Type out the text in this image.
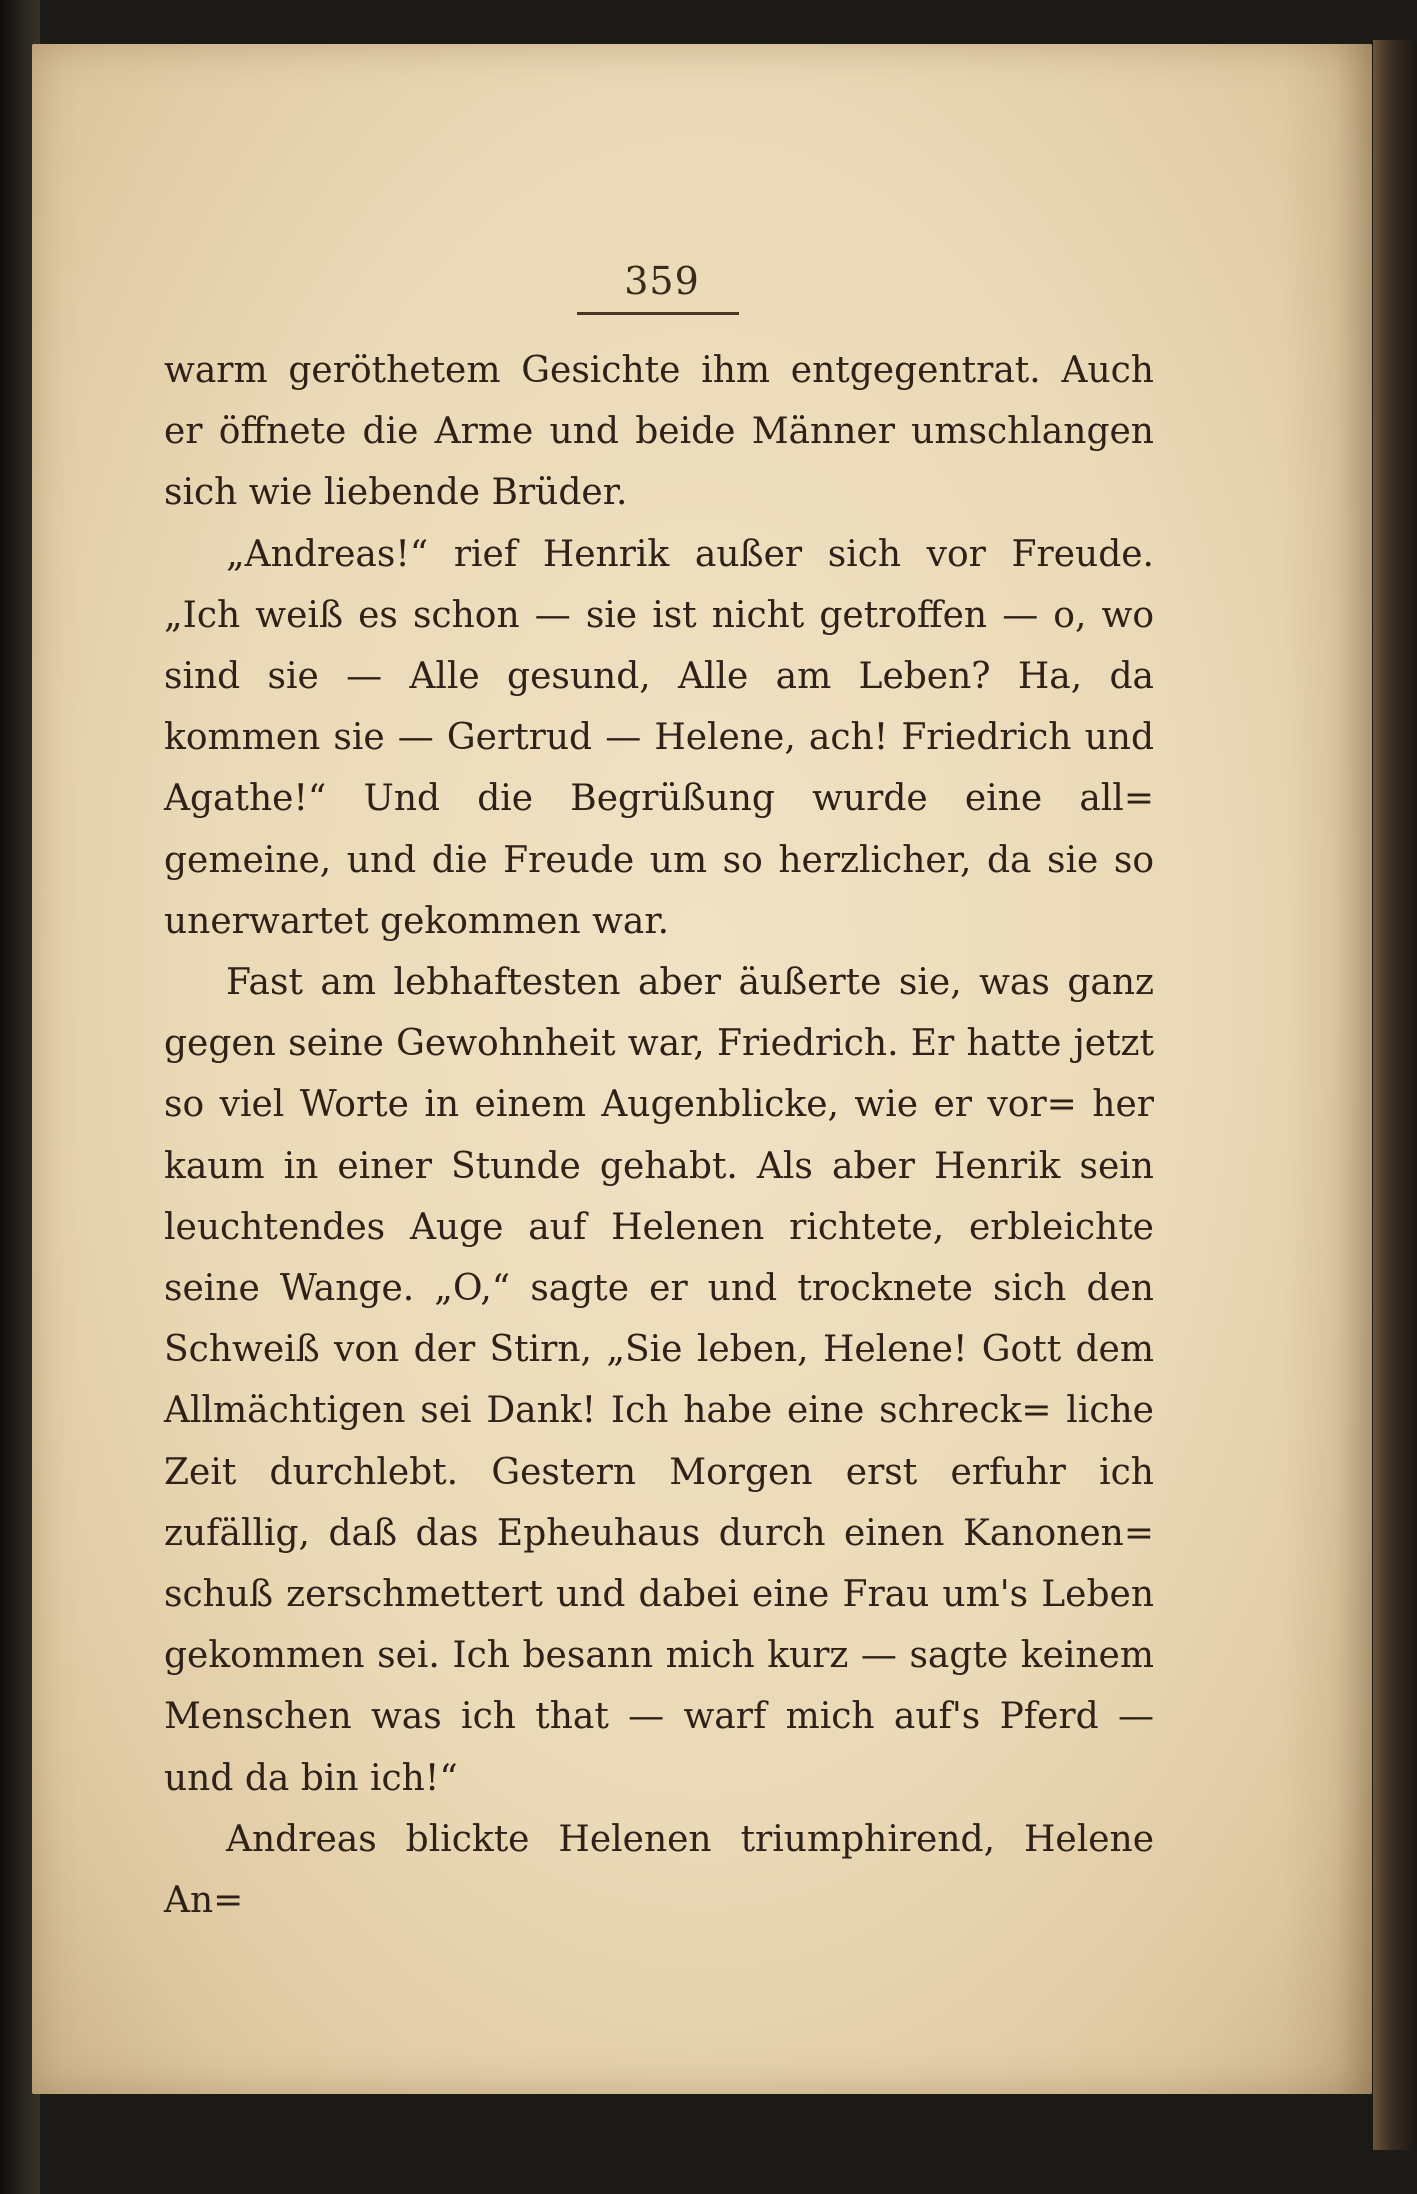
359

warm geröthetem Gesichte ihm entgegentrat. Auch er öffnete die Arme und beide Männer umschlangen sich wie liebende Brüder.

„Andreas!“ rief Henrik außer sich vor Freude. „Ich weiß es schon — sie ist nicht getroffen — o, wo sind sie — Alle gesund, Alle am Leben? Ha, da kommen sie — Gertrud — Helene, ach! Friedrich und Agathe!“ Und die Begrüßung wurde eine all= gemeine, und die Freude um so herzlicher, da sie so unerwartet gekommen war.

Fast am lebhaftesten aber äußerte sie, was ganz gegen seine Gewohnheit war, Friedrich. Er hatte jetzt so viel Worte in einem Augenblicke, wie er vor= her kaum in einer Stunde gehabt. Als aber Henrik sein leuchtendes Auge auf Helenen richtete, erbleichte seine Wange. „O,“ sagte er und trocknete sich den Schweiß von der Stirn, „Sie leben, Helene! Gott dem Allmächtigen sei Dank! Ich habe eine schreck= liche Zeit durchlebt. Gestern Morgen erst erfuhr ich zufällig, daß das Epheuhaus durch einen Kanonen= schuß zerschmettert und dabei eine Frau um's Leben gekommen sei. Ich besann mich kurz — sagte keinem Menschen was ich that — warf mich auf's Pferd — und da bin ich!“

Andreas blickte Helenen triumphirend, Helene An=
